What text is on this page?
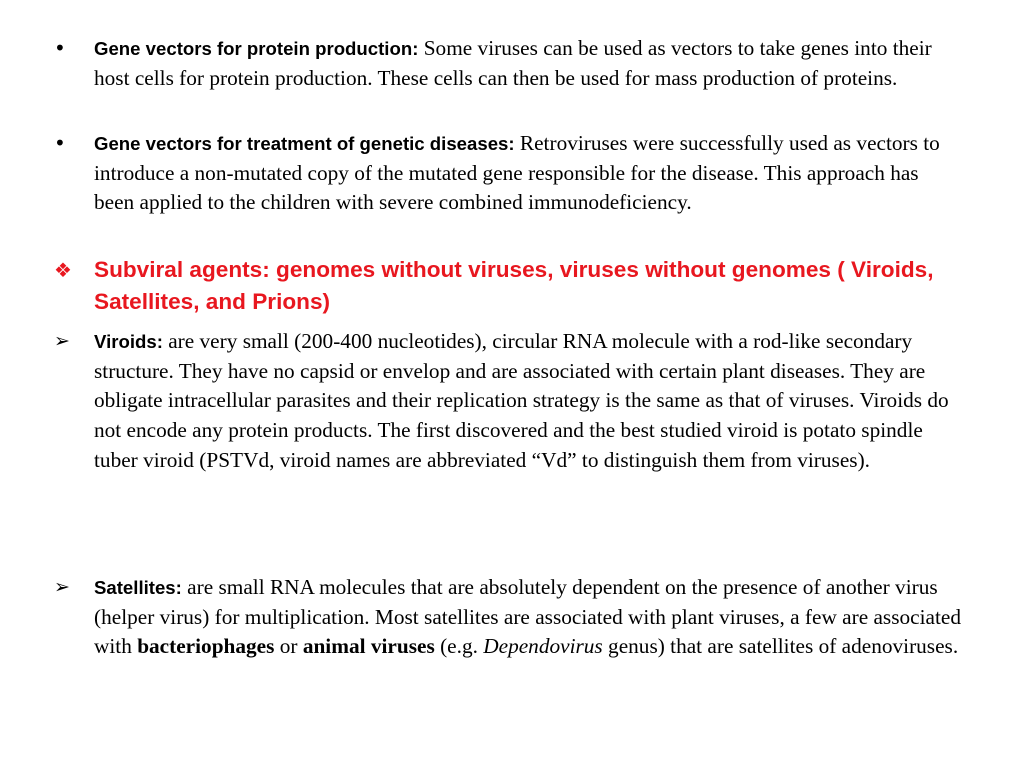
• Gene vectors for protein production: Some viruses can be used as vectors to take genes into their host cells for protein production. These cells can then be used for mass production of proteins.

• Gene vectors for treatment of genetic diseases: Retroviruses were successfully used as vectors to introduce a non-mutated copy of the mutated gene responsible for the disease. This approach has been applied to the children with severe combined immunodeficiency.

❖ Subviral agents: genomes without viruses, viruses without genomes ( Viroids, Satellites, and Prions)

➢ Viroids: are very small (200-400 nucleotides), circular RNA molecule with a rod-like secondary structure. They have no capsid or envelop and are associated with certain plant diseases. They are obligate intracellular parasites and their replication strategy is the same as that of viruses. Viroids do not encode any protein products. The first discovered and the best studied viroid is potato spindle tuber viroid (PSTVd, viroid names are abbreviated “Vd” to distinguish them from viruses).

➢ Satellites: are small RNA molecules that are absolutely dependent on the presence of another virus (helper virus) for multiplication. Most satellites are associated with plant viruses, a few are associated with bacteriophages or animal viruses (e.g. Dependovirus genus) that are satellites of adenoviruses.
